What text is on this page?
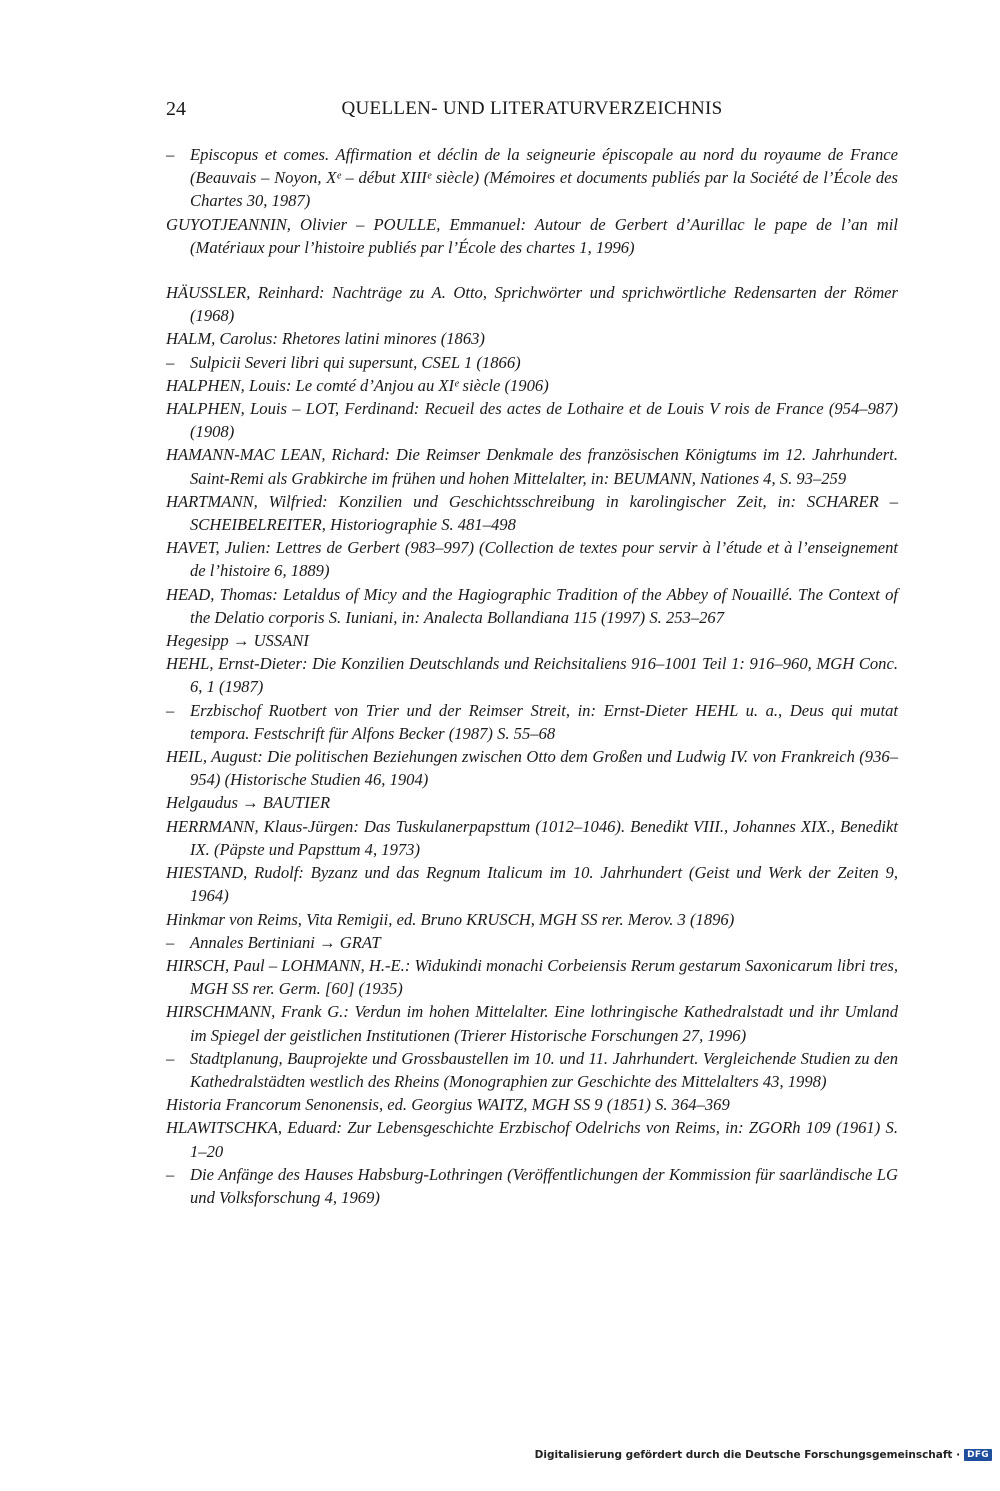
24	QUELLEN- UND LITERATURVERZEICHNIS

– Episcopus et comes. Affirmation et déclin de la seigneurie épiscopale au nord du royaume de France (Beauvais – Noyon, Xᵉ – début XIIIᵉ siècle) (Mémoires et documents publiés par la Société de l’École des Chartes 30, 1987)

GUYOTJEANNIN, Olivier – POULLE, Emmanuel: Autour de Gerbert d’Aurillac le pape de l’an mil (Matériaux pour l’histoire publiés par l’École des chartes 1, 1996)

HÄUSSLER, Reinhard: Nachträge zu A. Otto, Sprichwörter und sprichwörtliche Redensarten der Römer (1968)

HALM, Carolus: Rhetores latini minores (1863)

– Sulpicii Severi libri qui supersunt, CSEL 1 (1866)

HALPHEN, Louis: Le comté d’Anjou au XIᵉ siècle (1906)

HALPHEN, Louis – LOT, Ferdinand: Recueil des actes de Lothaire et de Louis V rois de France (954–987) (1908)

HAMANN-MAC LEAN, Richard: Die Reimser Denkmale des französischen Königtums im 12. Jahrhundert. Saint-Remi als Grabkirche im frühen und hohen Mittelalter, in: BEUMANN, Nationes 4, S. 93–259

HARTMANN, Wilfried: Konzilien und Geschichtsschreibung in karolingischer Zeit, in: SCHARER – SCHEIBELREITER, Historiographie S. 481–498

HAVET, Julien: Lettres de Gerbert (983–997) (Collection de textes pour servir à l’étude et à l’enseignement de l’histoire 6, 1889)

HEAD, Thomas: Letaldus of Micy and the Hagiographic Tradition of the Abbey of Nouaillé. The Context of the Delatio corporis S. Iuniani, in: Analecta Bollandiana 115 (1997) S. 253–267

Hegesipp → USSANI

HEHL, Ernst-Dieter: Die Konzilien Deutschlands und Reichsitaliens 916–1001 Teil 1: 916–960, MGH Conc. 6, 1 (1987)

– Erzbischof Ruotbert von Trier und der Reimser Streit, in: Ernst-Dieter HEHL u. a., Deus qui mutat tempora. Festschrift für Alfons Becker (1987) S. 55–68

HEIL, August: Die politischen Beziehungen zwischen Otto dem Großen und Ludwig IV. von Frankreich (936–954) (Historische Studien 46, 1904)

Helgaudus → BAUTIER

HERRMANN, Klaus-Jürgen: Das Tuskulanerpapsttum (1012–1046). Benedikt VIII., Johannes XIX., Benedikt IX. (Päpste und Papsttum 4, 1973)

HIESTAND, Rudolf: Byzanz und das Regnum Italicum im 10. Jahrhundert (Geist und Werk der Zeiten 9, 1964)

Hinkmar von Reims, Vita Remigii, ed. Bruno KRUSCH, MGH SS rer. Merov. 3 (1896)

– Annales Bertiniani → GRAT

HIRSCH, Paul – LOHMANN, H.-E.: Widukindi monachi Corbeiensis Rerum gestarum Saxonicarum libri tres, MGH SS rer. Germ. [60] (1935)

HIRSCHMANN, Frank G.: Verdun im hohen Mittelalter. Eine lothringische Kathedralstadt und ihr Umland im Spiegel der geistlichen Institutionen (Trierer Historische Forschungen 27, 1996)

– Stadtplanung, Bauprojekte und Grossbaustellen im 10. und 11. Jahrhundert. Vergleichende Studien zu den Kathedralstädten westlich des Rheins (Monographien zur Geschichte des Mittelalters 43, 1998)

Historia Francorum Senonensis, ed. Georgius WAITZ, MGH SS 9 (1851) S. 364–369

HLAWITSCHKA, Eduard: Zur Lebensgeschichte Erzbischof Odelrichs von Reims, in: ZGORh 109 (1961) S. 1–20

– Die Anfänge des Hauses Habsburg-Lothringen (Veröffentlichungen der Kommission für saarländische LG und Volksforschung 4, 1969)

Digitalisierung gefördert durch die Deutsche Forschungsgemeinschaft · DFG
